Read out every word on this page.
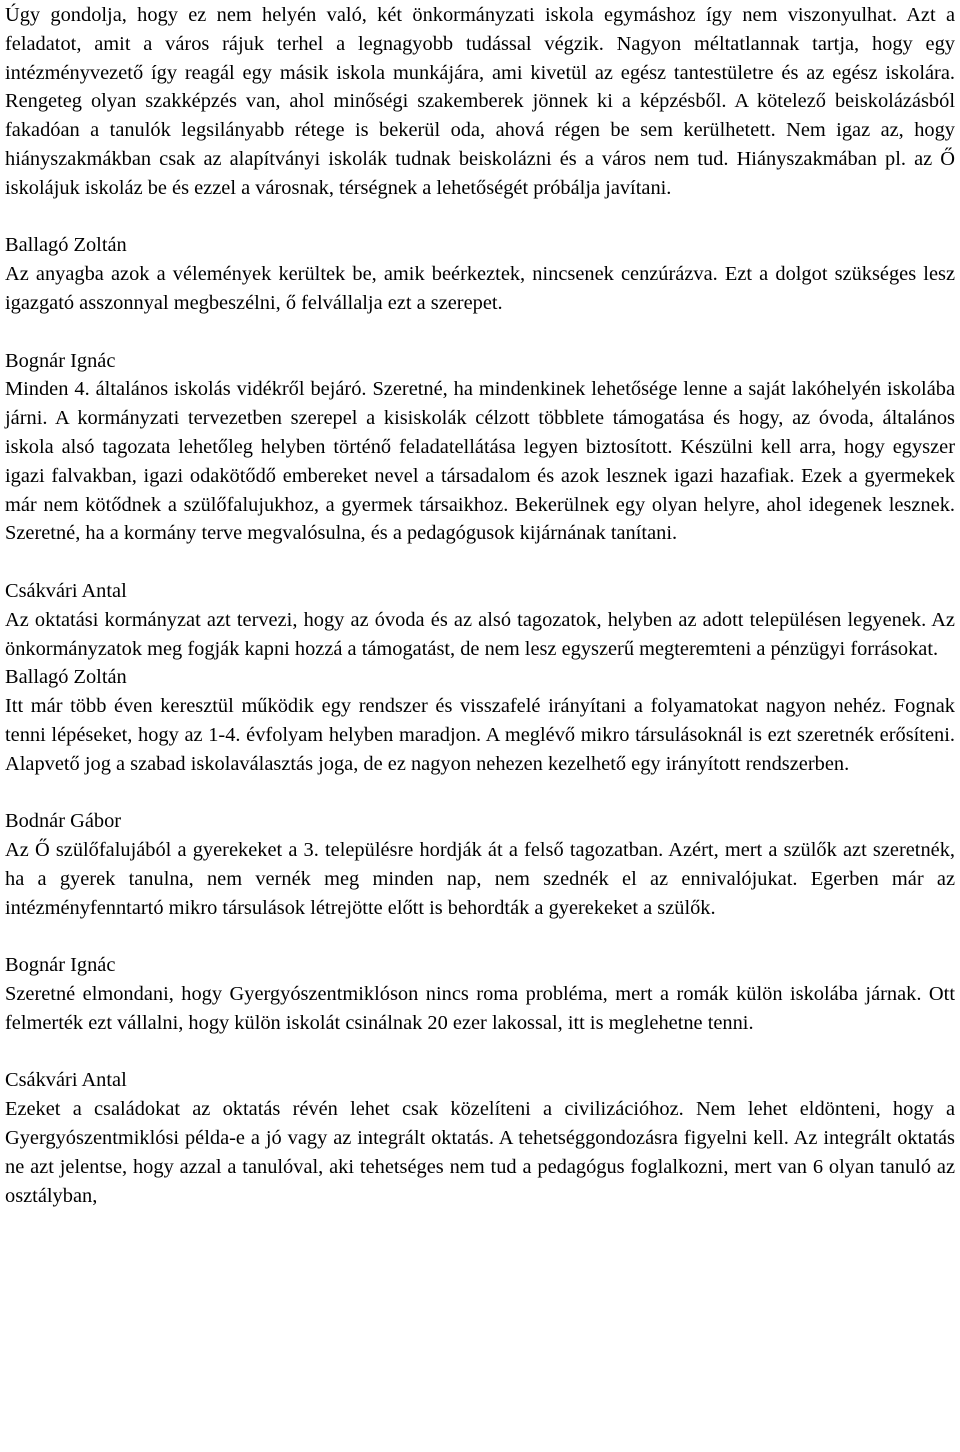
Úgy gondolja, hogy ez nem helyén való, két önkormányzati iskola egymáshoz így nem viszonyulhat. Azt a feladatot, amit a város rájuk terhel a legnagyobb tudással végzik. Nagyon méltatlannak tartja, hogy egy intézményvezető így reagál egy másik iskola munkájára, ami kivetül az egész tantestületre és az egész iskolára. Rengeteg olyan szakképzés van, ahol minőségi szakemberek jönnek ki a képzésből. A kötelező beiskolázásból fakadóan a tanulók legsilányabb rétege is bekerül oda, ahová régen be sem kerülhetett. Nem igaz az, hogy hiányszakmákban csak az alapítványi iskolák tudnak beiskolázni és a város nem tud. Hiányszakmában pl. az Ő iskolájuk iskoláz be és ezzel a városnak, térségnek a lehetőségét próbálja javítani.

Ballagó Zoltán

Az anyagba azok a vélemények kerültek be, amik beérkeztek, nincsenek cenzúrázva. Ezt a dolgot szükséges lesz igazgató asszonnyal megbeszélni, ő felvállalja ezt a szerepet.

Bognár Ignác

Minden 4. általános iskolás vidékről bejáró. Szeretné, ha mindenkinek lehetősége lenne a saját lakóhelyén iskolába járni. A kormányzati tervezetben szerepel a kisiskolák célzott többlete támogatása és hogy, az óvoda, általános iskola alsó tagozata lehetőleg helyben történő feladatellátása legyen biztosított. Készülni kell arra, hogy egyszer igazi falvakban, igazi odakötődő embereket nevel a társadalom és azok lesznek igazi hazafiak. Ezek a gyermekek már nem kötődnek a szülőfalujukhoz, a gyermek társaikhoz. Bekerülnek egy olyan helyre, ahol idegenek lesznek. Szeretné, ha a kormány terve megvalósulna, és a pedagógusok kijárnának tanítani.

Csákvári Antal

Az oktatási kormányzat azt tervezi, hogy az óvoda és az alsó tagozatok, helyben az adott településen legyenek. Az önkormányzatok meg fogják kapni hozzá a támogatást, de nem lesz egyszerű megteremteni a pénzügyi forrásokat.

Ballagó Zoltán

Itt már több éven keresztül működik egy rendszer és visszafelé irányítani a folyamatokat nagyon nehéz. Fognak tenni lépéseket, hogy az 1-4. évfolyam helyben maradjon. A meglévő mikro társulásoknál is ezt szeretnék erősíteni. Alapvető jog a szabad iskolaválasztás joga, de ez nagyon nehezen kezelhető egy irányított rendszerben.

Bodnár Gábor

Az Ő szülőfalujából a gyerekeket a 3. településre hordják át a felső tagozatban. Azért, mert a szülők azt szeretnék, ha a gyerek tanulna, nem vernék meg minden nap, nem szednék el az ennivalójukat. Egerben már az intézményfenntartó mikro társulások létrejötte előtt is behordták a gyerekeket a szülők.

Bognár Ignác

Szeretné elmondani, hogy Gyergyószentmiklóson nincs roma probléma, mert a romák külön iskolába járnak. Ott felmerték ezt vállalni, hogy külön iskolát csinálnak 20 ezer lakossal, itt is meglehetne tenni.

Csákvári Antal

Ezeket a családokat az oktatás révén lehet csak közelíteni a civilizációhoz. Nem lehet eldönteni, hogy a Gyergyószentmiklósi példa-e a jó vagy az integrált oktatás. A tehetséggondozásra figyelni kell. Az integrált oktatás ne azt jelentse, hogy azzal a tanulóval, aki tehetséges nem tud a pedagógus foglalkozni, mert van 6 olyan tanuló az osztályban,
